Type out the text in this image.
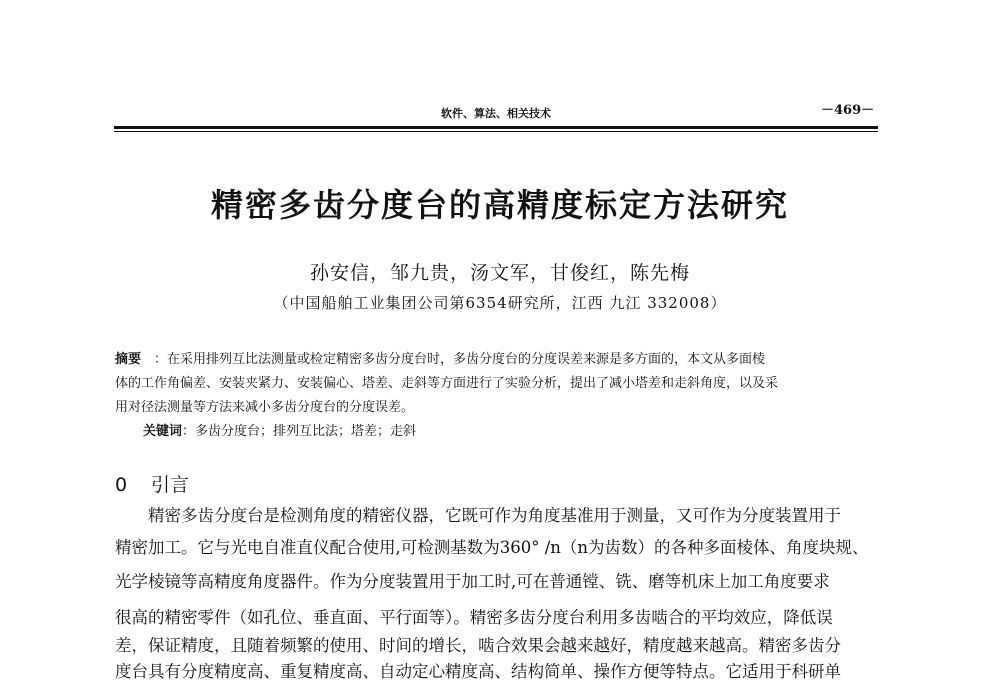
软件、算法、相关技术	－469－
精密多齿分度台的高精度标定方法研究
孙安信，邹九贵，汤文军，甘俊红，陈先梅
（中国船舶工业集团公司第6354研究所，江西 九江 332008）
摘要 ：在采用排列互比法测量或检定精密多齿分度台时，多齿分度台的分度误差来源是多方面的，本文从多面棱
体的工作角偏差、安装夹紧力、安装偏心、塔差、走斜等方面进行了实验分析，提出了减小塔差和走斜角度，以及采
用对径法测量等方法来减小多齿分度台的分度误差。
关键词：多齿分度台；排列互比法；塔差；走斜
0 引言
精密多齿分度台是检测角度的精密仪器，它既可作为角度基准用于测量，又可作为分度装置用于
精密加工。它与光电自准直仪配合使用,可检测基数为360° /n（n为齿数）的各种多面棱体、角度块规、
光学棱镜等高精度角度器件。作为分度装置用于加工时,可在普通镗、铣、磨等机床上加工角度要求
很高的精密零件（如孔位、垂直面、平行面等）。精密多齿分度台利用多齿啮合的平均效应，降低误
差，保证精度，且随着频繁的使用、时间的增长，啮合效果会越来越好，精度越来越高。精密多齿分
度台具有分度精度高、重复精度高、自动定心精度高、结构简单、操作方便等特点。它适用于科研单
